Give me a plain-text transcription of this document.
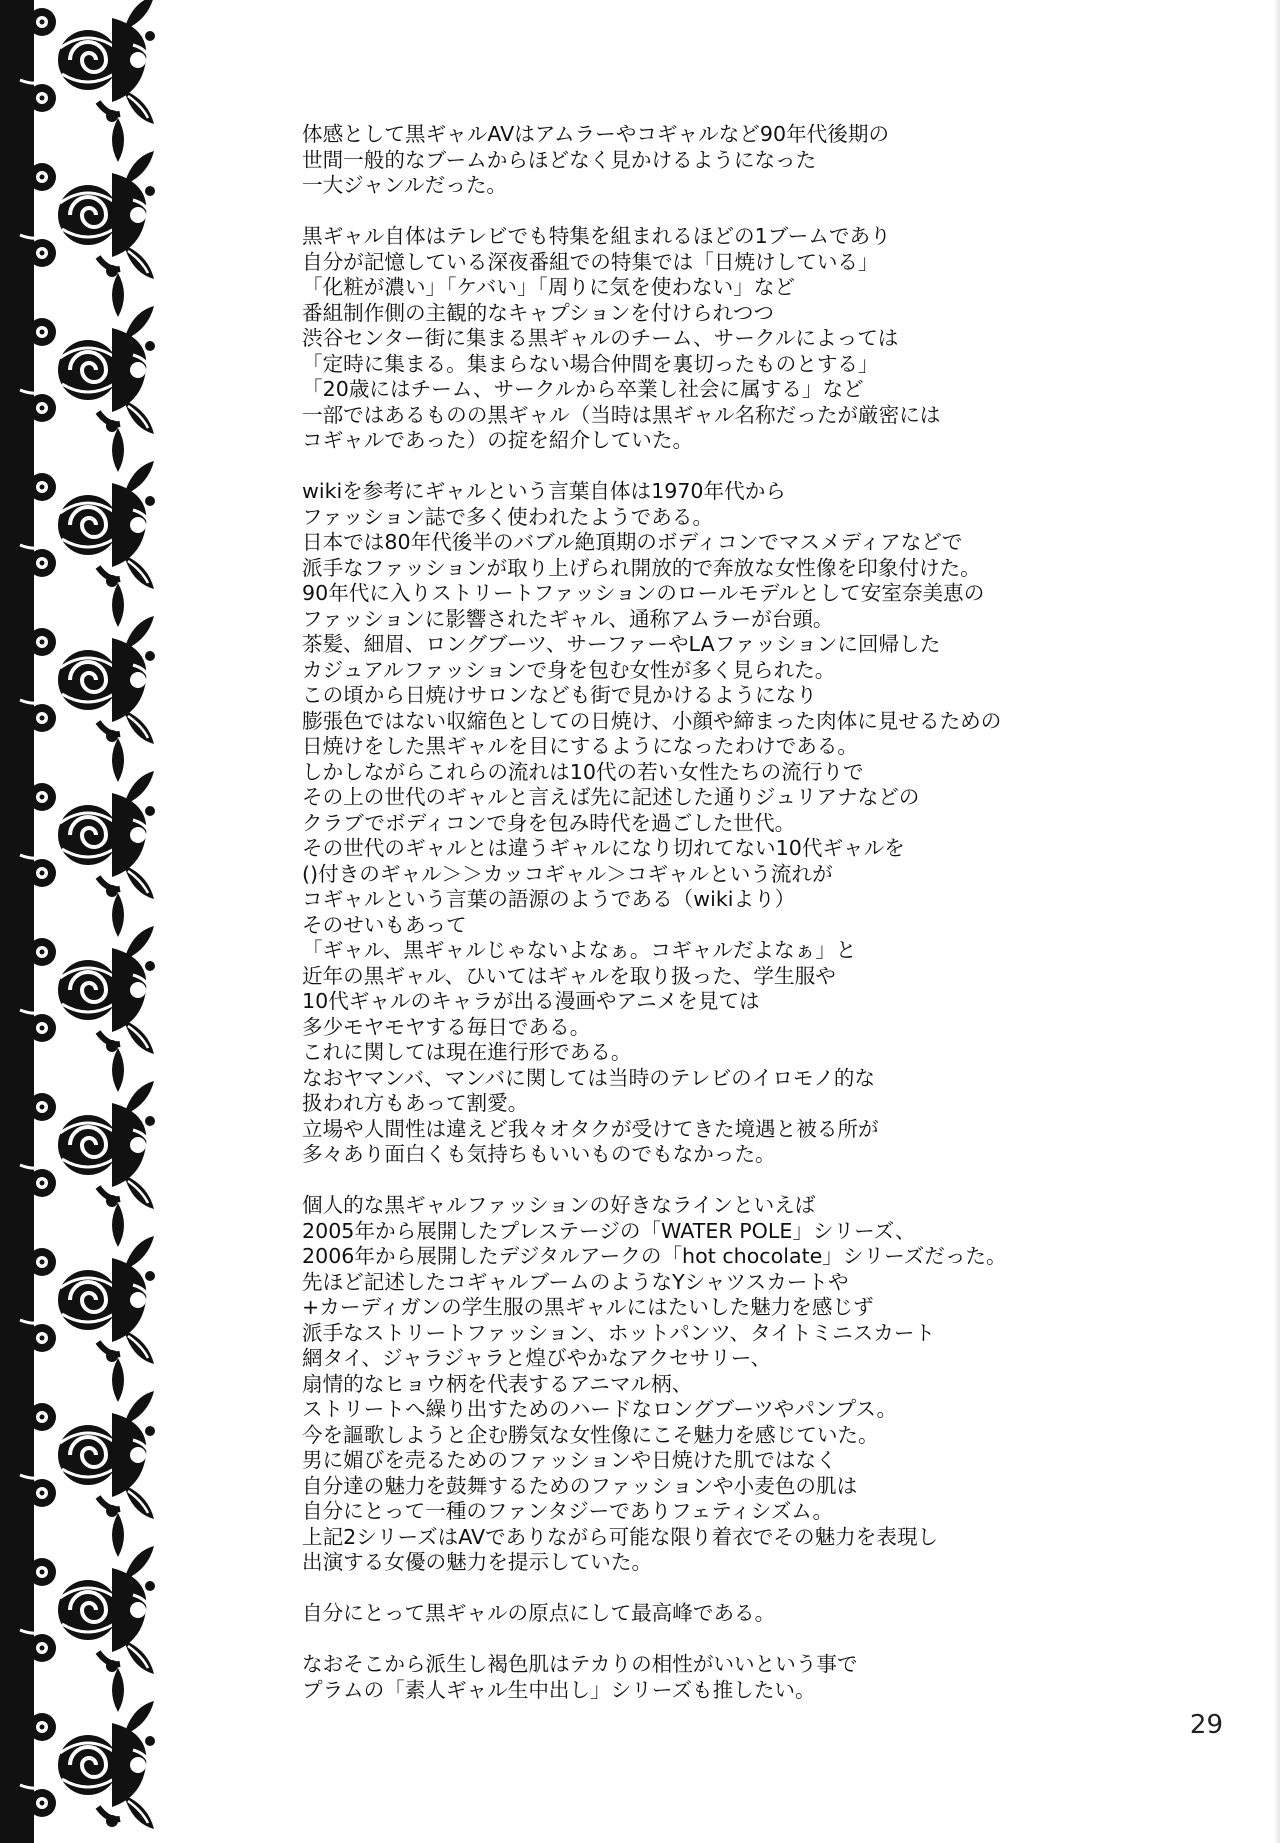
体感として黒ギャルAVはアムラーやコギャルなど90年代後期の
世間一般的なブームからほどなく見かけるようになった
一大ジャンルだった。
黒ギャル自体はテレビでも特集を組まれるほどの1ブームであり
自分が記憶している深夜番組での特集では「日焼けしている」
「化粧が濃い」「ケバい」「周りに気を使わない」など
番組制作側の主観的なキャプションを付けられつつ
渋谷センター街に集まる黒ギャルのチーム、サークルによっては
「定時に集まる。集まらない場合仲間を裏切ったものとする」
「20歳にはチーム、サークルから卒業し社会に属する」など
一部ではあるものの黒ギャル（当時は黒ギャル名称だったが厳密には
コギャルであった）の掟を紹介していた。
wikiを参考にギャルという言葉自体は1970年代から
ファッション誌で多く使われたようである。
日本では80年代後半のバブル絶頂期のボディコンでマスメディアなどで
派手なファッションが取り上げられ開放的で奔放な女性像を印象付けた。
90年代に入りストリートファッションのロールモデルとして安室奈美恵の
ファッションに影響されたギャル、通称アムラーが台頭。
茶髪、細眉、ロングブーツ、サーファーやLAファッションに回帰した
カジュアルファッションで身を包む女性が多く見られた。
この頃から日焼けサロンなども街で見かけるようになり
膨張色ではない収縮色としての日焼け、小顔や締まった肉体に見せるための
日焼けをした黒ギャルを目にするようになったわけである。
しかしながらこれらの流れは10代の若い女性たちの流行りで
その上の世代のギャルと言えば先に記述した通りジュリアナなどの
クラブでボディコンで身を包み時代を過ごした世代。
その世代のギャルとは違うギャルになり切れてない10代ギャルを
()付きのギャル＞＞カッコギャル＞コギャルという流れが
コギャルという言葉の語源のようである（wikiより）
そのせいもあって
「ギャル、黒ギャルじゃないよなぁ。コギャルだよなぁ」と
近年の黒ギャル、ひいてはギャルを取り扱った、学生服や
10代ギャルのキャラが出る漫画やアニメを見ては
多少モヤモヤする毎日である。
これに関しては現在進行形である。
なおヤマンバ、マンバに関しては当時のテレビのイロモノ的な
扱われ方もあって割愛。
立場や人間性は違えど我々オタクが受けてきた境遇と被る所が
多々あり面白くも気持ちもいいものでもなかった。
個人的な黒ギャルファッションの好きなラインといえば
2005年から展開したプレステージの「WATER POLE」シリーズ、
2006年から展開したデジタルアークの「hot chocolate」シリーズだった。
先ほど記述したコギャルブームのようなYシャツスカートや
+カーディガンの学生服の黒ギャルにはたいした魅力を感じず
派手なストリートファッション、ホットパンツ、タイトミニスカート
網タイ、ジャラジャラと煌びやかなアクセサリー、
扇情的なヒョウ柄を代表するアニマル柄、
ストリートへ繰り出すためのハードなロングブーツやパンプス。
今を謳歌しようと企む勝気な女性像にこそ魅力を感じていた。
男に媚びを売るためのファッションや日焼けた肌ではなく
自分達の魅力を鼓舞するためのファッションや小麦色の肌は
自分にとって一種のファンタジーでありフェティシズム。
上記2シリーズはAVでありながら可能な限り着衣でその魅力を表現し
出演する女優の魅力を提示していた。
自分にとって黒ギャルの原点にして最高峰である。
なおそこから派生し褐色肌はテカりの相性がいいという事で
プラムの「素人ギャル生中出し」シリーズも推したい。
29
